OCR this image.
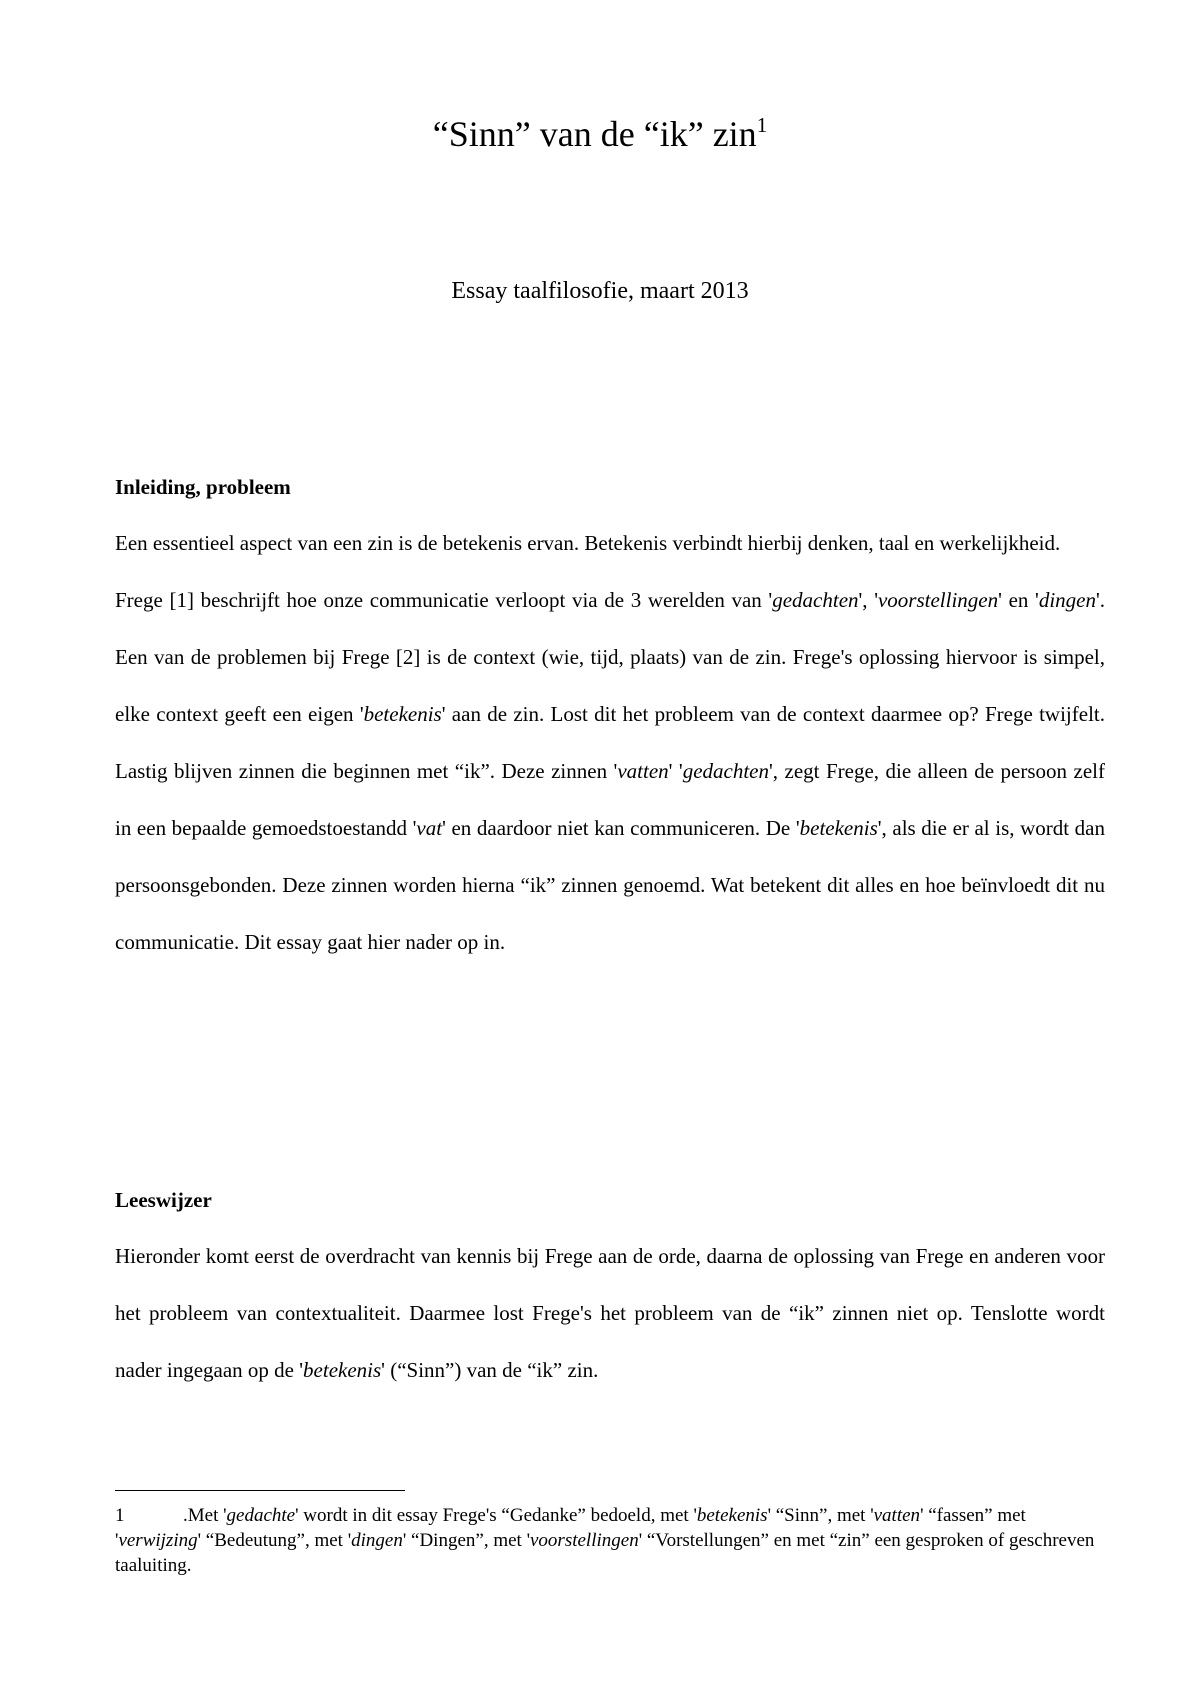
“Sinn” van de “ik” zin$^1$
Essay taalfilosofie, maart 2013

Inleiding, probleem

Een essentieel aspect van een zin is de betekenis ervan. Betekenis verbindt hierbij denken, taal en werkelijkheid.

Frege [1] beschrijft hoe onze communicatie verloopt via de 3 werelden van 'gedachten', 'voorstellingen' en 'dingen'. Een van de problemen bij Frege [2] is de context (wie, tijd, plaats) van de zin. Frege's oplossing hiervoor is simpel, elke context geeft een eigen 'betekenis' aan de zin. Lost dit het probleem van de context daarmee op? Frege twijfelt. Lastig blijven zinnen die beginnen met “ik”. Deze zinnen 'vatten' 'gedachten', zegt Frege, die alleen de persoon zelf in een bepaalde gemoedstoestandd 'vat' en daardoor niet kan communiceren. De 'betekenis', als die er al is, wordt dan persoonsgebonden. Deze zinnen worden hierna “ik” zinnen genoemd. Wat betekent dit alles en hoe beïnvloedt dit nu communicatie. Dit essay gaat hier nader op in.

Leeswijzer

Hieronder komt eerst de overdracht van kennis bij Frege aan de orde, daarna de oplossing van Frege en anderen voor het probleem van contextualiteit. Daarmee lost Frege's het probleem van de “ik” zinnen niet op. Tenslotte wordt nader ingegaan op de 'betekenis' (“Sinn”) van de “ik” zin.

1	.Met 'gedachte' wordt in dit essay Frege's “Gedanke” bedoeld, met 'betekenis' “Sinn”, met 'vatten' “fassen” met 'verwijzing' “Bedeutung”, met 'dingen' “Dingen”, met 'voorstellingen' “Vorstellungen” en met “zin” een gesproken of geschreven taaluiting.
